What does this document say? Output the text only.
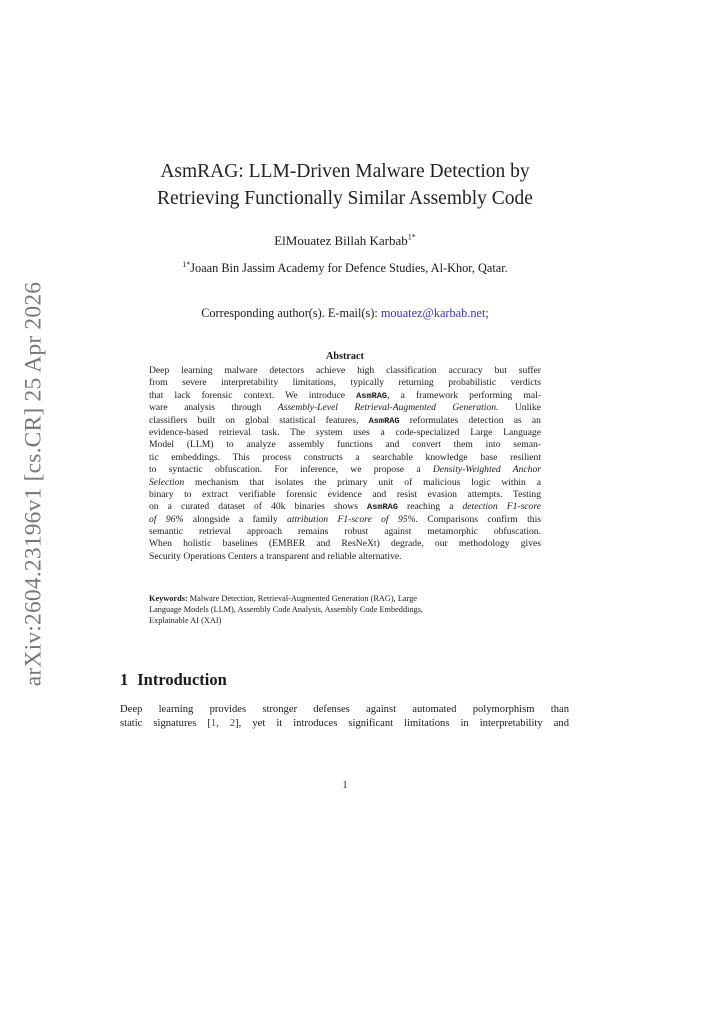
arXiv:2604.23196v1 [cs.CR] 25 Apr 2026
AsmRAG: LLM-Driven Malware Detection by
Retrieving Functionally Similar Assembly Code
ElMouatez Billah Karbab$^{1*}$
$^{1*}$Joaan Bin Jassim Academy for Defence Studies, Al-Khor, Qatar.
Corresponding author(s). E-mail(s): mouatez@karbab.net;
Abstract
Deep learning malware detectors achieve high classification accuracy but suffer
from severe interpretability limitations, typically returning probabilistic verdicts
that lack forensic context. We introduce AsmRAG, a framework performing mal-
ware analysis through Assembly-Level Retrieval-Augmented Generation. Unlike
classifiers built on global statistical features, AsmRAG reformulates detection as an
evidence-based retrieval task. The system uses a code-specialized Large Language
Model (LLM) to analyze assembly functions and convert them into seman-
tic embeddings. This process constructs a searchable knowledge base resilient
to syntactic obfuscation. For inference, we propose a Density-Weighted Anchor
Selection mechanism that isolates the primary unit of malicious logic within a
binary to extract verifiable forensic evidence and resist evasion attempts. Testing
on a curated dataset of 40k binaries shows AsmRAG reaching a detection F1-score
of 96% alongside a family attribution F1-score of 95%. Comparisons confirm this
semantic retrieval approach remains robust against metamorphic obfuscation.
When holistic baselines (EMBER and ResNeXt) degrade, our methodology gives
Security Operations Centers a transparent and reliable alternative.
Keywords: Malware Detection, Retrieval-Augmented Generation (RAG), Large
Language Models (LLM), Assembly Code Analysis, Assembly Code Embeddings,
Explainable AI (XAI)
1 Introduction
Deep learning provides stronger defenses against automated polymorphism than
static signatures [1, 2], yet it introduces significant limitations in interpretability and
1
